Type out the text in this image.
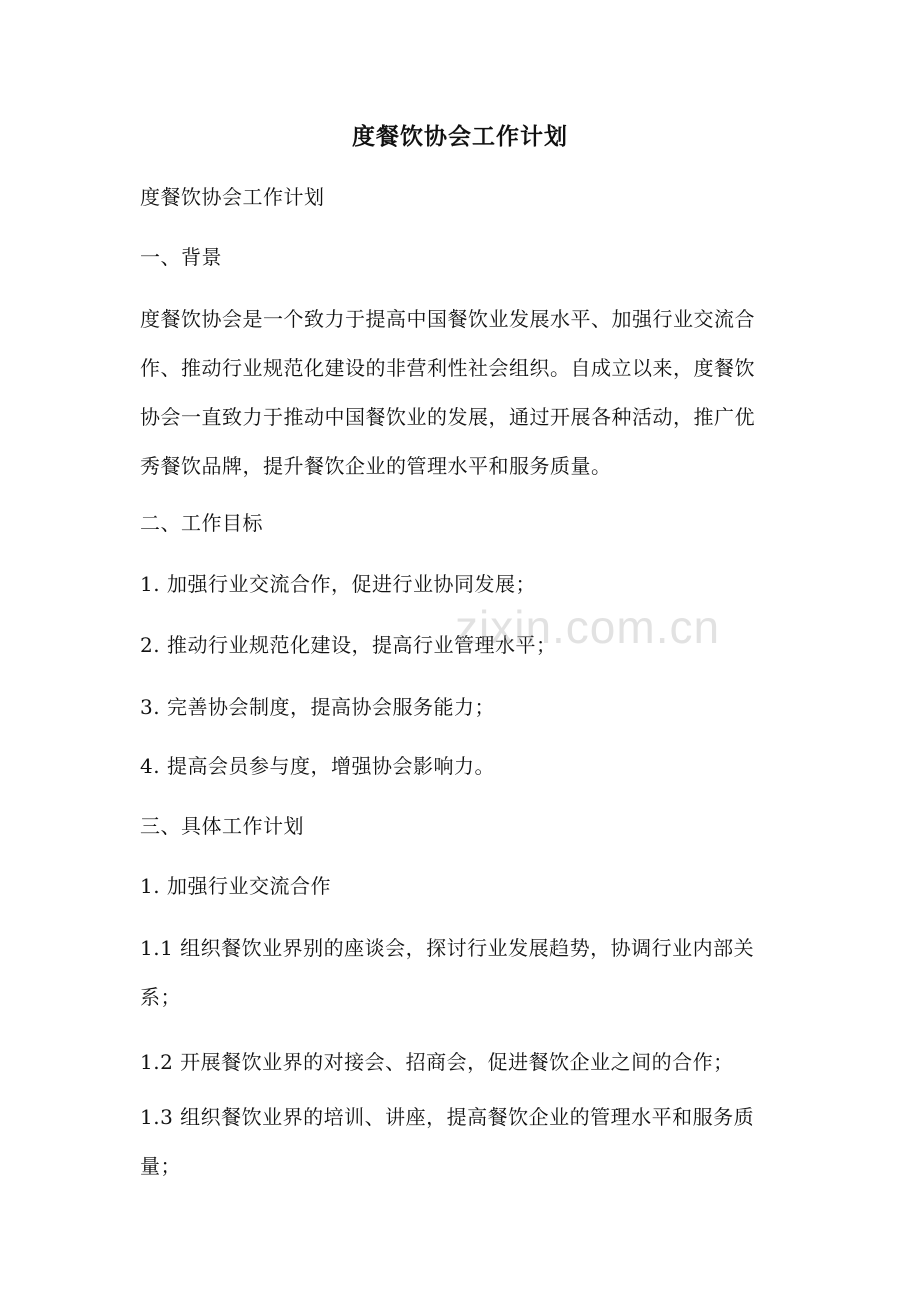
度餐饮协会工作计划
度餐饮协会工作计划
一、背景
度餐饮协会是一个致力于提高中国餐饮业发展水平、加强行业交流合
作、推动行业规范化建设的非营利性社会组织。自成立以来，度餐饮
协会一直致力于推动中国餐饮业的发展，通过开展各种活动，推广优
秀餐饮品牌，提升餐饮企业的管理水平和服务质量。
二、工作目标
1. 加强行业交流合作，促进行业协同发展；
2. 推动行业规范化建设，提高行业管理水平；
3. 完善协会制度，提高协会服务能力；
4. 提高会员参与度，增强协会影响力。
三、具体工作计划
1. 加强行业交流合作
1.1 组织餐饮业界别的座谈会，探讨行业发展趋势，协调行业内部关
系；
1.2 开展餐饮业界的对接会、招商会，促进餐饮企业之间的合作；
1.3 组织餐饮业界的培训、讲座，提高餐饮企业的管理水平和服务质
量；
zixin.com.cn
